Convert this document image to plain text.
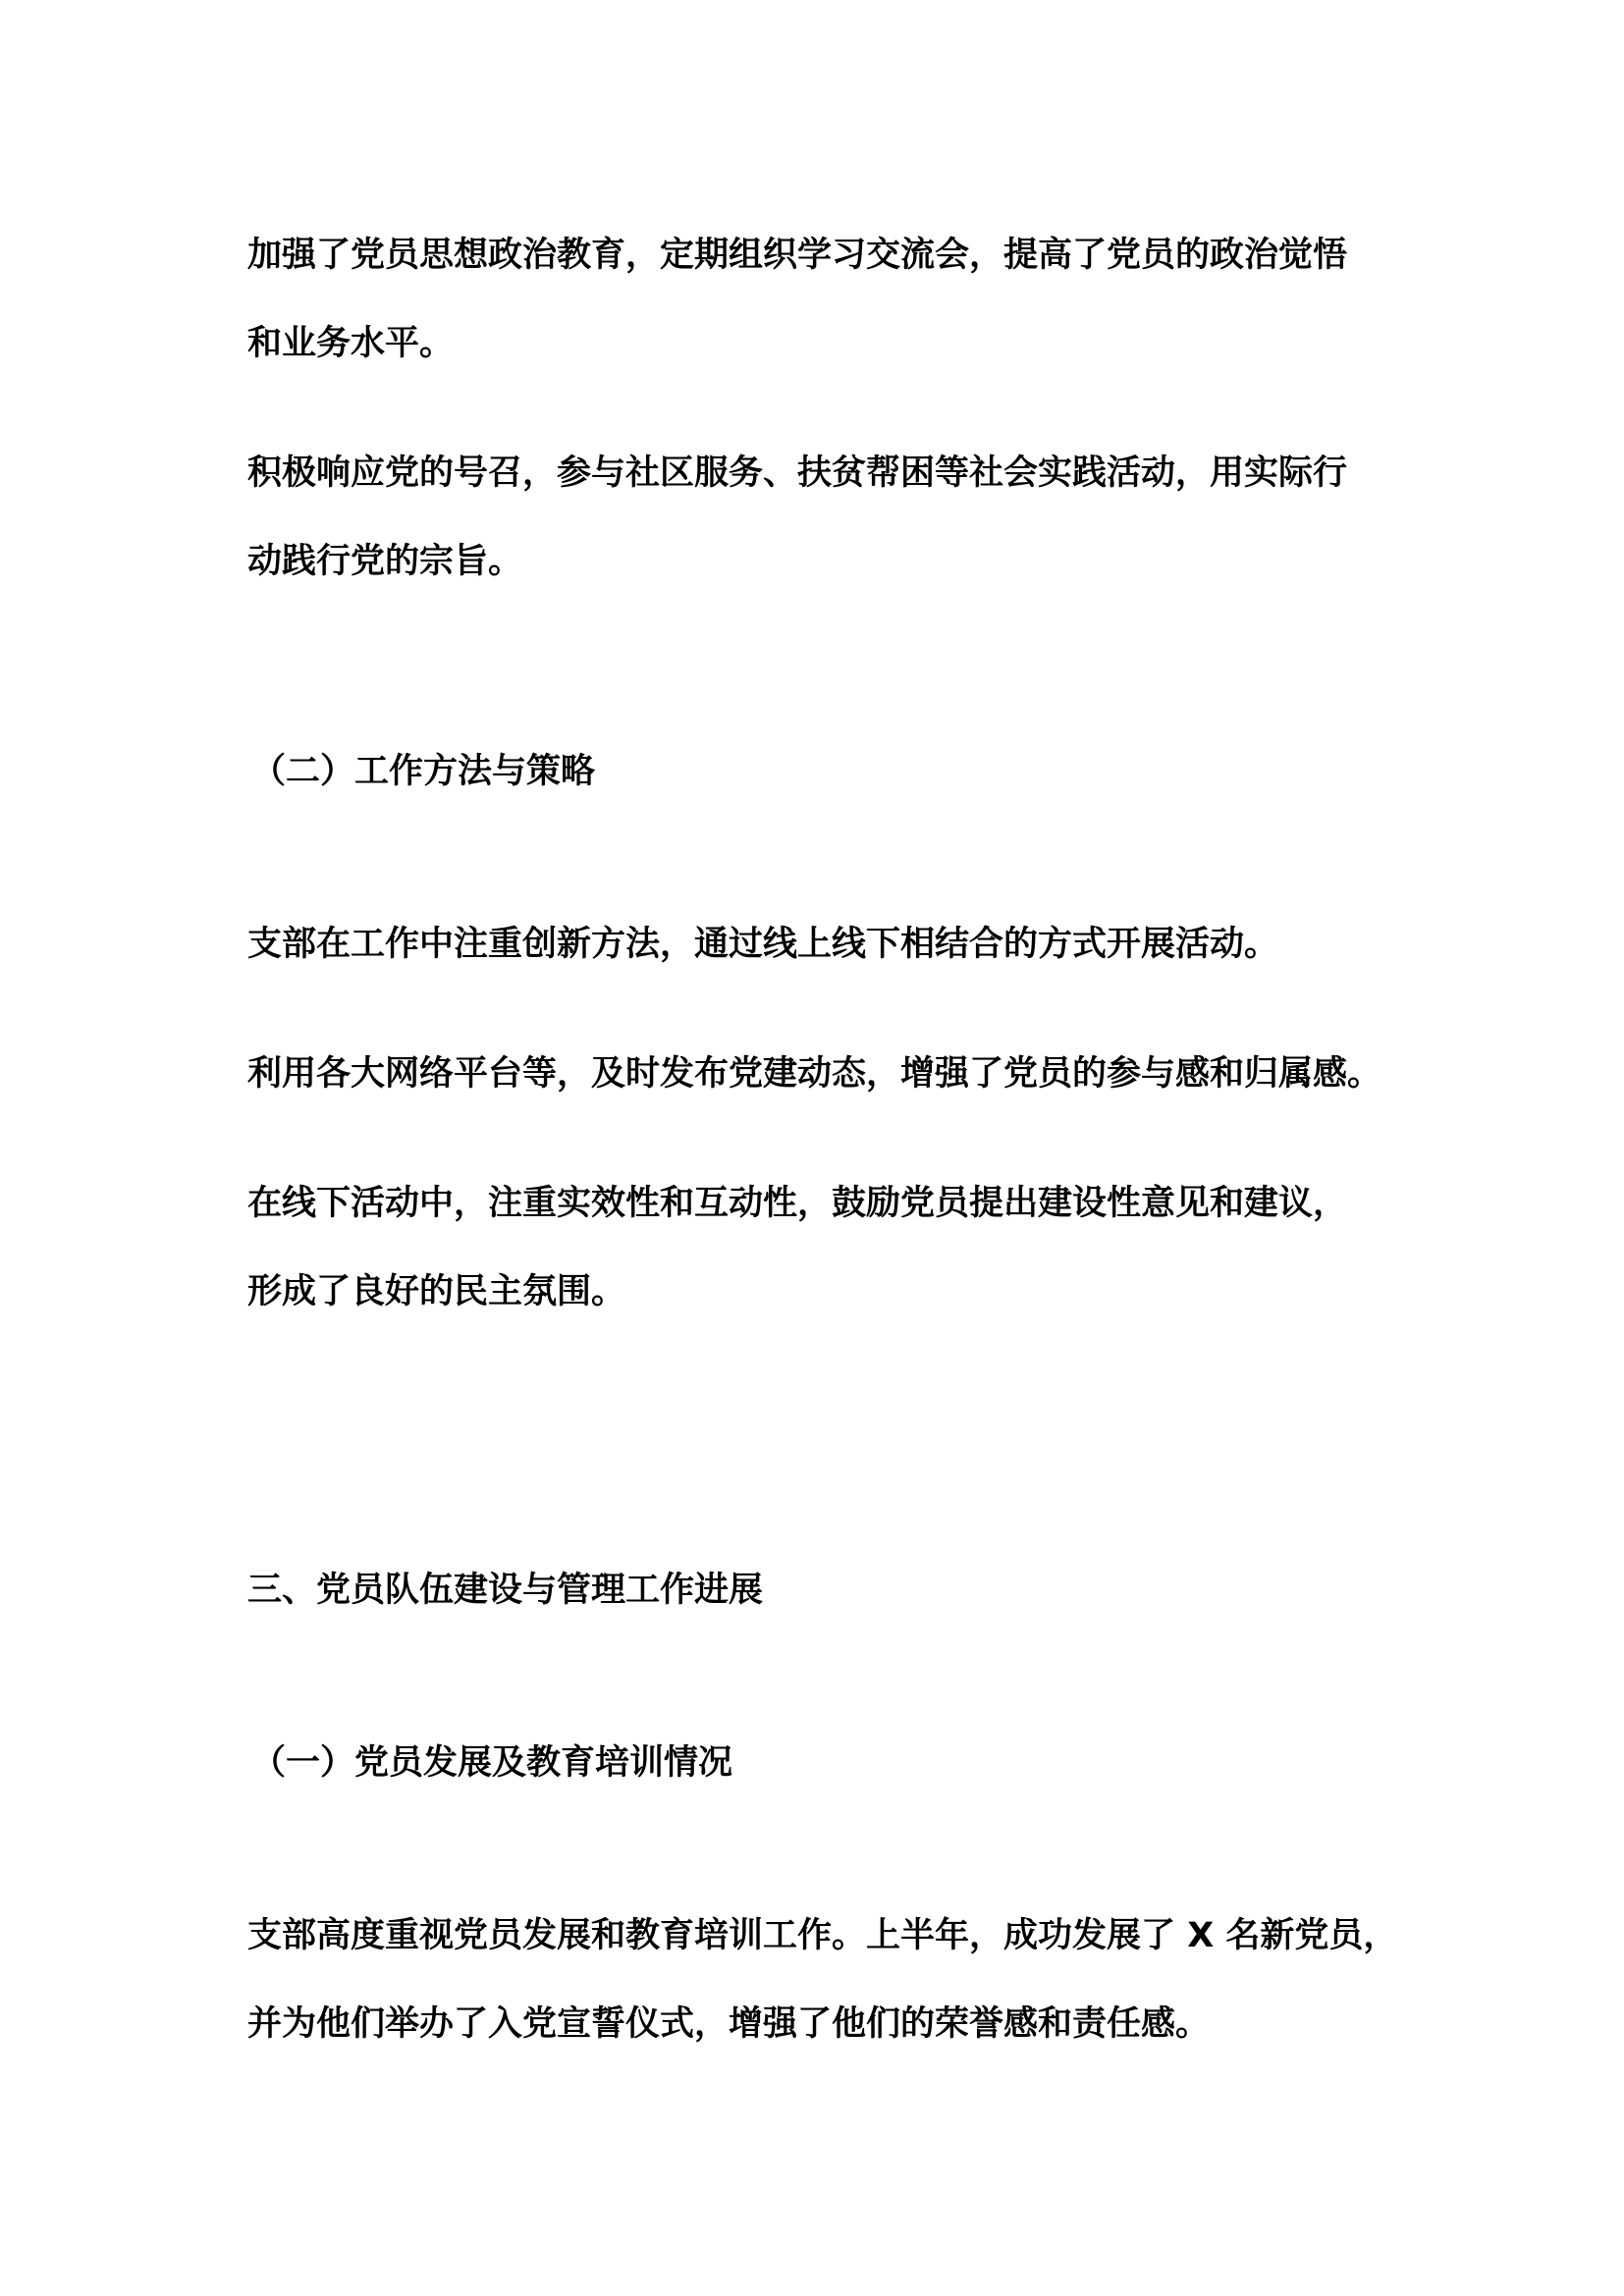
加强了党员思想政治教育，定期组织学习交流会，提高了党员的政治觉悟

和业务水平。

积极响应党的号召，参与社区服务、扶贫帮困等社会实践活动，用实际行

动践行党的宗旨。

（二）工作方法与策略

支部在工作中注重创新方法，通过线上线下相结合的方式开展活动。

利用各大网络平台等，及时发布党建动态，增强了党员的参与感和归属感。

在线下活动中，注重实效性和互动性，鼓励党员提出建设性意见和建议，

形成了良好的民主氛围。

三、党员队伍建设与管理工作进展

（一）党员发展及教育培训情况

支部高度重视党员发展和教育培训工作。上半年，成功发展了 X 名新党员，

并为他们举办了入党宣誓仪式，增强了他们的荣誉感和责任感。
